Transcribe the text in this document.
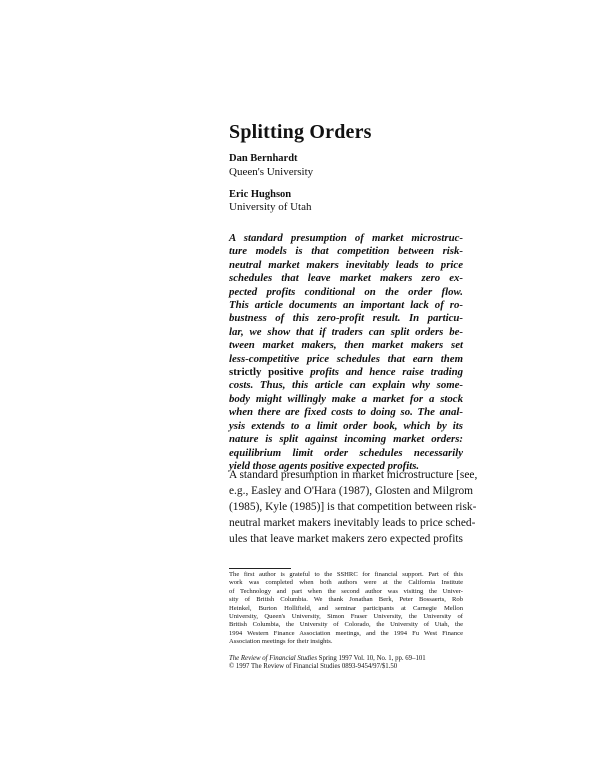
Splitting Orders
Dan Bernhardt
Queen's University
Eric Hughson
University of Utah
A standard presumption of market microstruc-
ture models is that competition between risk-
neutral market makers inevitably leads to price
schedules that leave market makers zero ex-
pected profits conditional on the order flow.
This article documents an important lack of ro-
bustness of this zero-profit result. In particu-
lar, we show that if traders can split orders be-
tween market makers, then market makers set
less-competitive price schedules that earn them
strictly positive profits and hence raise trading
costs. Thus, this article can explain why some-
body might willingly make a market for a stock
when there are fixed costs to doing so. The anal-
ysis extends to a limit order book, which by its
nature is split against incoming market orders:
equilibrium limit order schedules necessarily
yield those agents positive expected profits.
A standard presumption in market microstructure [see,
e.g., Easley and O'Hara (1987), Glosten and Milgrom
(1985), Kyle (1985)] is that competition between risk-
neutral market makers inevitably leads to price sched-
ules that leave market makers zero expected profits
The first author is grateful to the SSHRC for financial support. Part of this
work was completed when both authors were at the California Institute
of Technology and part when the second author was visiting the Univer-
sity of British Columbia. We thank Jonathan Berk, Peter Bossaerts, Rob
Heinkel, Burton Hollifield, and seminar participants at Carnegie Mellon
University, Queen's University, Simon Fraser University, the University of
British Columbia, the University of Colorado, the University of Utah, the
1994 Western Finance Association meetings, and the 1994 Fu West Finance
Association meetings for their insights.
The Review of Financial Studies Spring 1997 Vol. 10, No. 1, pp. 69–101
© 1997 The Review of Financial Studies 0893-9454/97/$1.50
